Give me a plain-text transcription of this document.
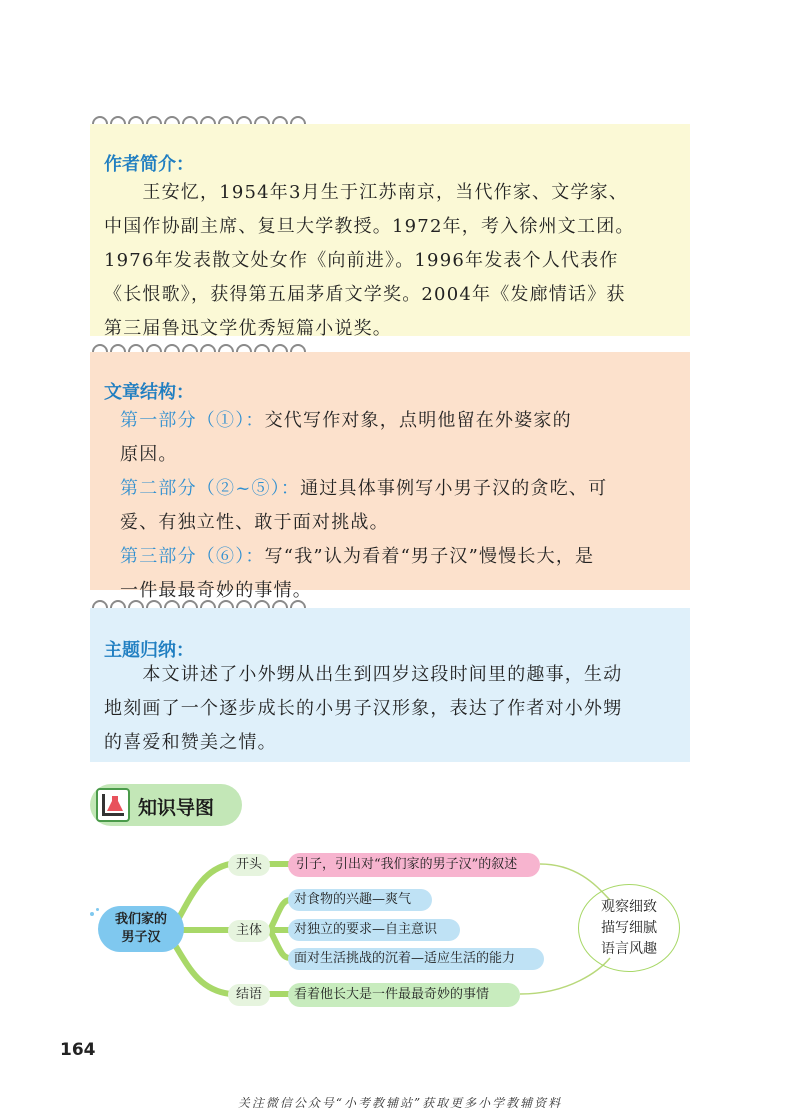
作者简介：

　　王安忆，1954年3月生于江苏南京，当代作家、文学家、

中国作协副主席、复旦大学教授。1972年，考入徐州文工团。

1976年发表散文处女作《向前进》。1996年发表个人代表作

《长恨歌》，获得第五届茅盾文学奖。2004年《发廊情话》获

第三届鲁迅文学优秀短篇小说奖。

文章结构：

第一部分（①）：交代写作对象，点明他留在外婆家的

原因。

第二部分（②~⑤）：通过具体事例写小男子汉的贪吃、可

爱、有独立性、敢于面对挑战。

第三部分（⑥）：写“我”认为看着“男子汉”慢慢长大，是

一件最最奇妙的事情。

主题归纳：

　　本文讲述了小外甥从出生到四岁这段时间里的趣事，生动

地刻画了一个逐步成长的小男子汉形象，表达了作者对小外甥

的喜爱和赞美之情。

知识导图
我们家的
男子汉
开头
主体
结语
引子，引出对“我们家的男子汉”的叙述
对食物的兴趣—爽气
对独立的要求—自主意识
面对生活挑战的沉着—适应生活的能力
看着他长大是一件最最奇妙的事情
观察细致
描写细腻
语言风趣
164
关注微信公众号“小考教辅站”获取更多小学教辅资料
